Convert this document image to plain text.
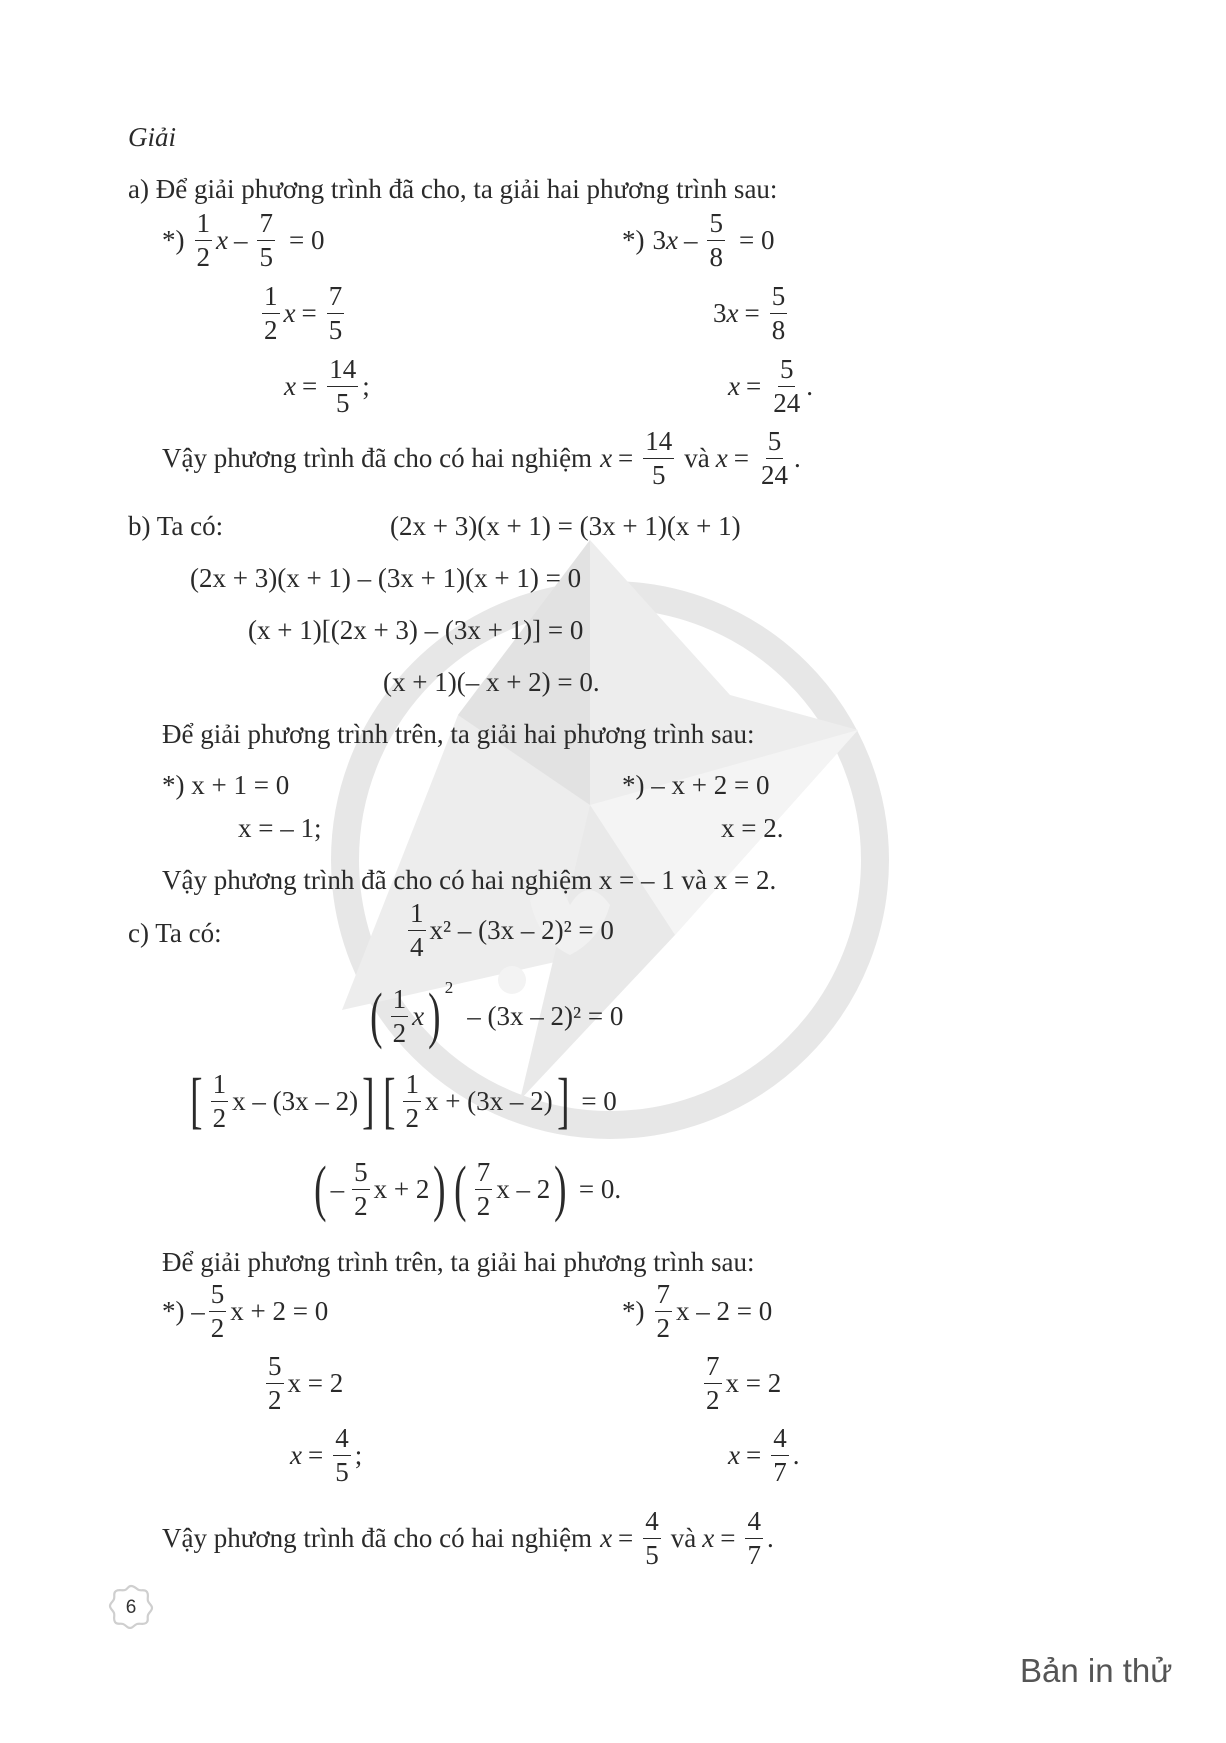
Giải
a) Để giải phương trình đã cho, ta giải hai phương trình sau:
*) $\frac{1}{2}$ $x - \frac{7}{5} = 0$
$\frac{1}{2}$ $x = \frac{7}{5}$
$x = \frac{14}{5}$ ;
*) 3 $x - \frac{5}{8} = 0$
3 $x = \frac{5}{8}$
$x = \frac{5}{24}$ .
Vậy phương trình đã cho có hai nghiệm $x = \frac{14}{5}$ và $x = \frac{5}{24}$ .
b) Ta có:	(2x + 3)(x + 1) = (3x + 1)(x + 1)
(2x + 3)(x + 1) – (3x + 1)(x + 1) = 0
(x + 1)[(2x + 3) – (3x + 1)] = 0
(x + 1)(– x + 2) = 0.
Để giải phương trình trên, ta giải hai phương trình sau:
*) x + 1 = 0
x = – 1;
*) – x + 2 = 0
x = 2.
Vậy phương trình đã cho có hai nghiệm x = – 1 và x = 2.
c) Ta có:	$\frac{1}{4} x^2 - (3x - 2)^2 = 0$
( $\frac{1}{2}$ x ) 2
– (3x – 2)² = 0
[ $\frac{1}{2}$ x – (3x – 2) ] [ $\frac{1}{2}$ x + (3x – 2) ] = 0
( – $\frac{5}{2}$ x + 2 ) ( $\frac{7}{2}$ x – 2 ) = 0.
Để giải phương trình trên, ta giải hai phương trình sau:
*) – $\frac{5}{2}$ x + 2 = 0
$\frac{5}{2}$ x = 2
$x = \frac{4}{5}$ ;
*) $\frac{7}{2}$ x – 2 = 0
$\frac{7}{2}$ x = 2
$x = \frac{4}{7}$ .
Vậy phương trình đã cho có hai nghiệm $x = \frac{4}{5}$ và $x = \frac{4}{7}$ .
6
Bản in thử
